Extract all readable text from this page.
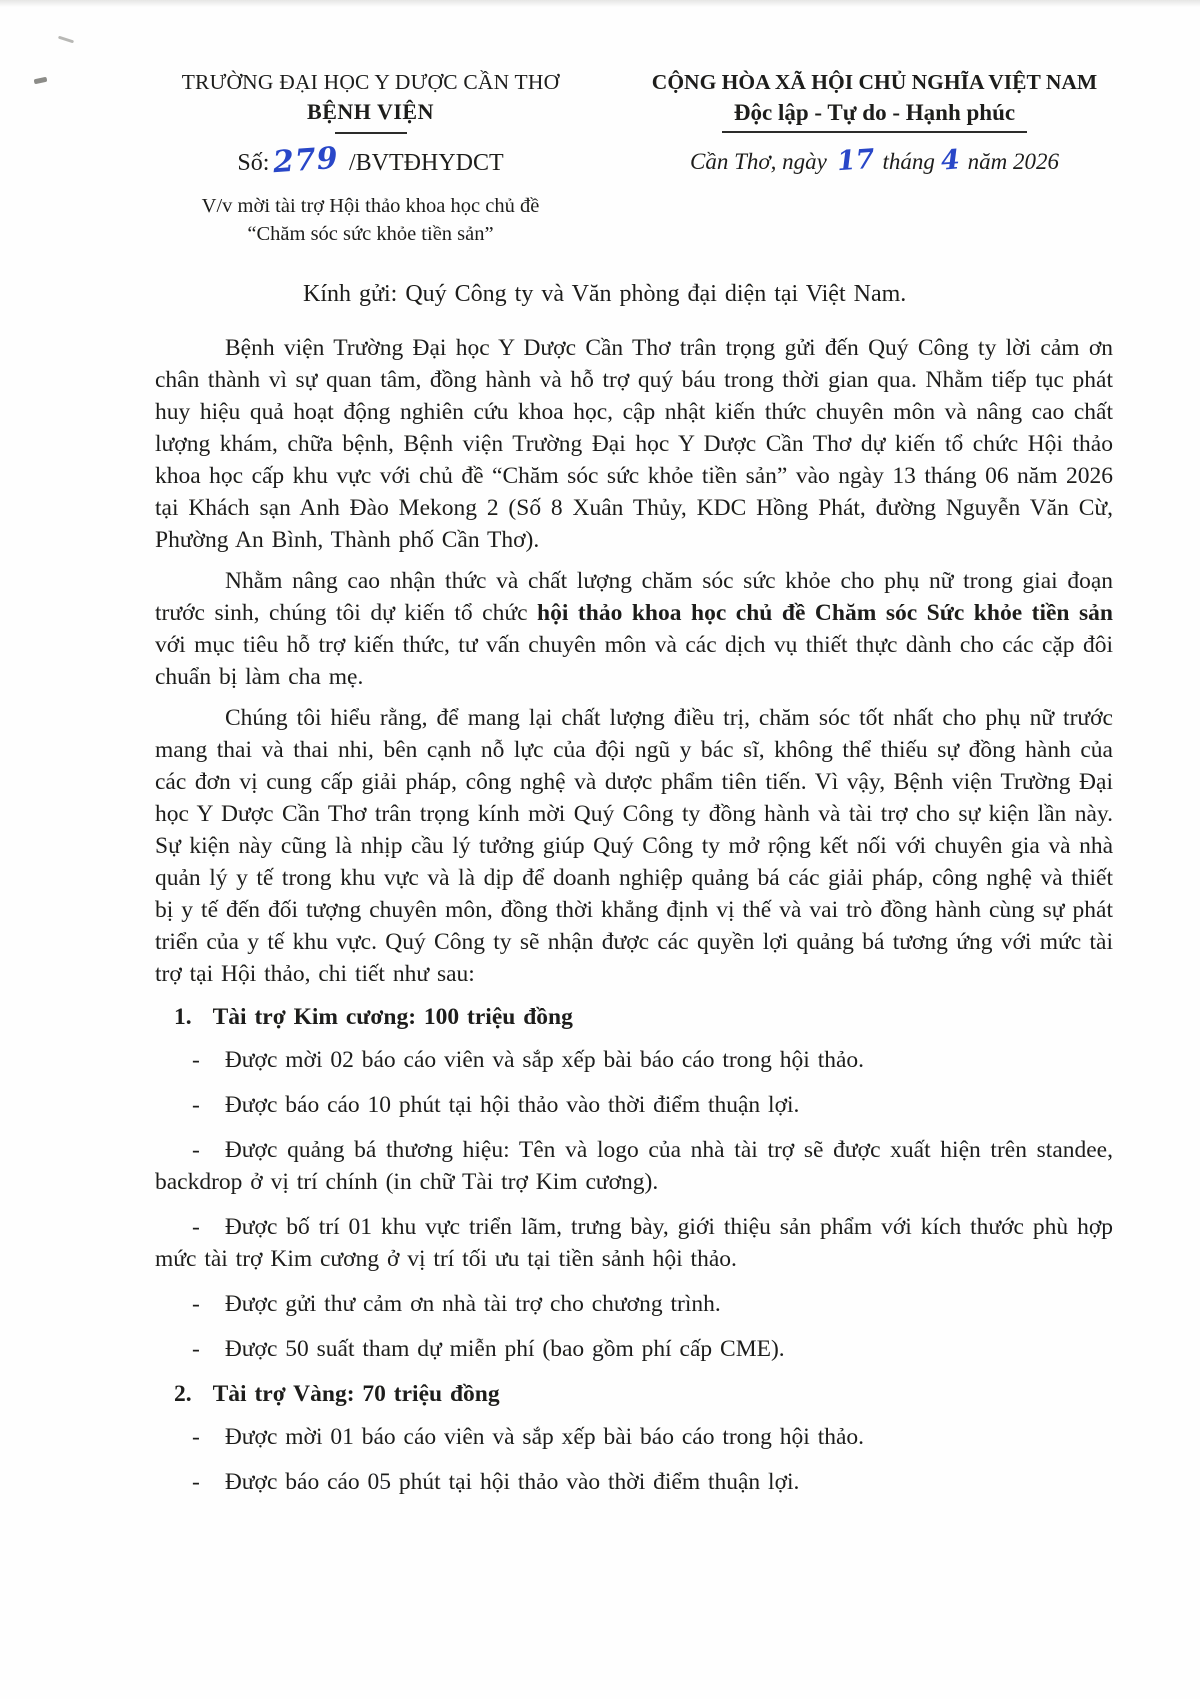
TRƯỜNG ĐẠI HỌC Y DƯỢC CẦN THƠ
BỆNH VIỆN
Số:279 /BVTĐHYDCT
V/v mời tài trợ Hội thảo khoa học chủ đề
“Chăm sóc sức khỏe tiền sản”
CỘNG HÒA XÃ HỘI CHỦ NGHĨA VIỆT NAM
Độc lập - Tự do - Hạnh phúc
Cần Thơ, ngày 17 tháng 4 năm 2026

Kính gửi: Quý Công ty và Văn phòng đại diện tại Việt Nam.

Bệnh viện Trường Đại học Y Dược Cần Thơ trân trọng gửi đến Quý Công ty lời cảm ơn chân thành vì sự quan tâm, đồng hành và hỗ trợ quý báu trong thời gian qua. Nhằm tiếp tục phát huy hiệu quả hoạt động nghiên cứu khoa học, cập nhật kiến thức chuyên môn và nâng cao chất lượng khám, chữa bệnh, Bệnh viện Trường Đại học Y Dược Cần Thơ dự kiến tổ chức Hội thảo khoa học cấp khu vực với chủ đề “Chăm sóc sức khỏe tiền sản” vào ngày 13 tháng 06 năm 2026 tại Khách sạn Anh Đào Mekong 2 (Số 8 Xuân Thủy, KDC Hồng Phát, đường Nguyễn Văn Cừ, Phường An Bình, Thành phố Cần Thơ).

Nhằm nâng cao nhận thức và chất lượng chăm sóc sức khỏe cho phụ nữ trong giai đoạn trước sinh, chúng tôi dự kiến tổ chức hội thảo khoa học chủ đề Chăm sóc Sức khỏe tiền sản với mục tiêu hỗ trợ kiến thức, tư vấn chuyên môn và các dịch vụ thiết thực dành cho các cặp đôi chuẩn bị làm cha mẹ.

Chúng tôi hiểu rằng, để mang lại chất lượng điều trị, chăm sóc tốt nhất cho phụ nữ trước mang thai và thai nhi, bên cạnh nỗ lực của đội ngũ y bác sĩ, không thể thiếu sự đồng hành của các đơn vị cung cấp giải pháp, công nghệ và dược phẩm tiên tiến. Vì vậy, Bệnh viện Trường Đại học Y Dược Cần Thơ trân trọng kính mời Quý Công ty đồng hành và tài trợ cho sự kiện lần này. Sự kiện này cũng là nhịp cầu lý tưởng giúp Quý Công ty mở rộng kết nối với chuyên gia và nhà quản lý y tế trong khu vực và là dịp để doanh nghiệp quảng bá các giải pháp, công nghệ và thiết bị y tế đến đối tượng chuyên môn, đồng thời khẳng định vị thế và vai trò đồng hành cùng sự phát triển của y tế khu vực. Quý Công ty sẽ nhận được các quyền lợi quảng bá tương ứng với mức tài trợ tại Hội thảo, chi tiết như sau:

1. Tài trợ Kim cương: 100 triệu đồng

- Được mời 02 báo cáo viên và sắp xếp bài báo cáo trong hội thảo.

- Được báo cáo 10 phút tại hội thảo vào thời điểm thuận lợi.

- Được quảng bá thương hiệu: Tên và logo của nhà tài trợ sẽ được xuất hiện trên standee, backdrop ở vị trí chính (in chữ Tài trợ Kim cương).

- Được bố trí 01 khu vực triển lãm, trưng bày, giới thiệu sản phẩm với kích thước phù hợp mức tài trợ Kim cương ở vị trí tối ưu tại tiền sảnh hội thảo.

- Được gửi thư cảm ơn nhà tài trợ cho chương trình.

- Được 50 suất tham dự miễn phí (bao gồm phí cấp CME).

2. Tài trợ Vàng: 70 triệu đồng

- Được mời 01 báo cáo viên và sắp xếp bài báo cáo trong hội thảo.

- Được báo cáo 05 phút tại hội thảo vào thời điểm thuận lợi.
